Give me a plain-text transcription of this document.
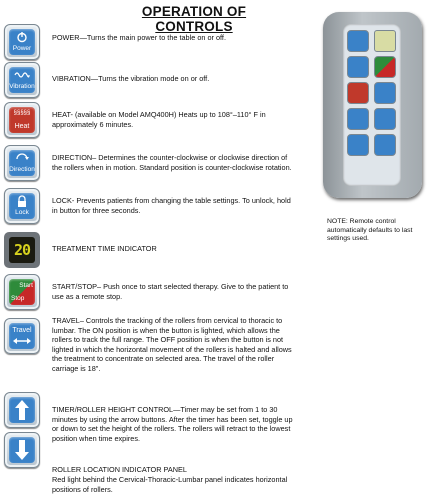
OPERATION OF CONTROLS
Power
POWER—Turns the main power to the table on or off.
Vibration
VIBRATION—Turns the vibration mode on or off.
§§§§§
Heat
HEAT- (available on Model AMQ400H) Heats up to 108°–110° F in approximately 6 minutes.
Direction
DIRECTION– Determines the counter-clockwise or clockwise direction of the rollers when in motion. Standard position is counter-clockwise rotation.
Lock
LOCK- Prevents patients from changing the table settings. To unlock, hold in button for three seconds.
20	TREATMENT TIME INDICATOR
Start
Stop
START/STOP– Push once to start selected therapy. Give to the patient to use as a remote stop.
Travel
TRAVEL– Controls the tracking of the rollers from cervical to thoracic to lumbar. The ON position is when the button is lighted, which allows the rollers to track the full range. The OFF position is when the button is not lighted in which the horizontal movement of the rollers is halted and allows the treatment to concentrate on selected area. The travel of the roller carriage is 18".
TIMER/ROLLER HEIGHT CONTROL—Timer may be set from 1 to 30 minutes by using the arrow buttons. After the timer has been set, toggle up or down to set the height of the rollers. The rollers will retract to the lowest position when time expires.
ROLLER LOCATION INDICATOR PANEL
Red light behind the Cervical-Thoracic-Lumbar panel indicates horizontal positions of rollers.
NOTE: Remote control automatically defaults to last settings used.
